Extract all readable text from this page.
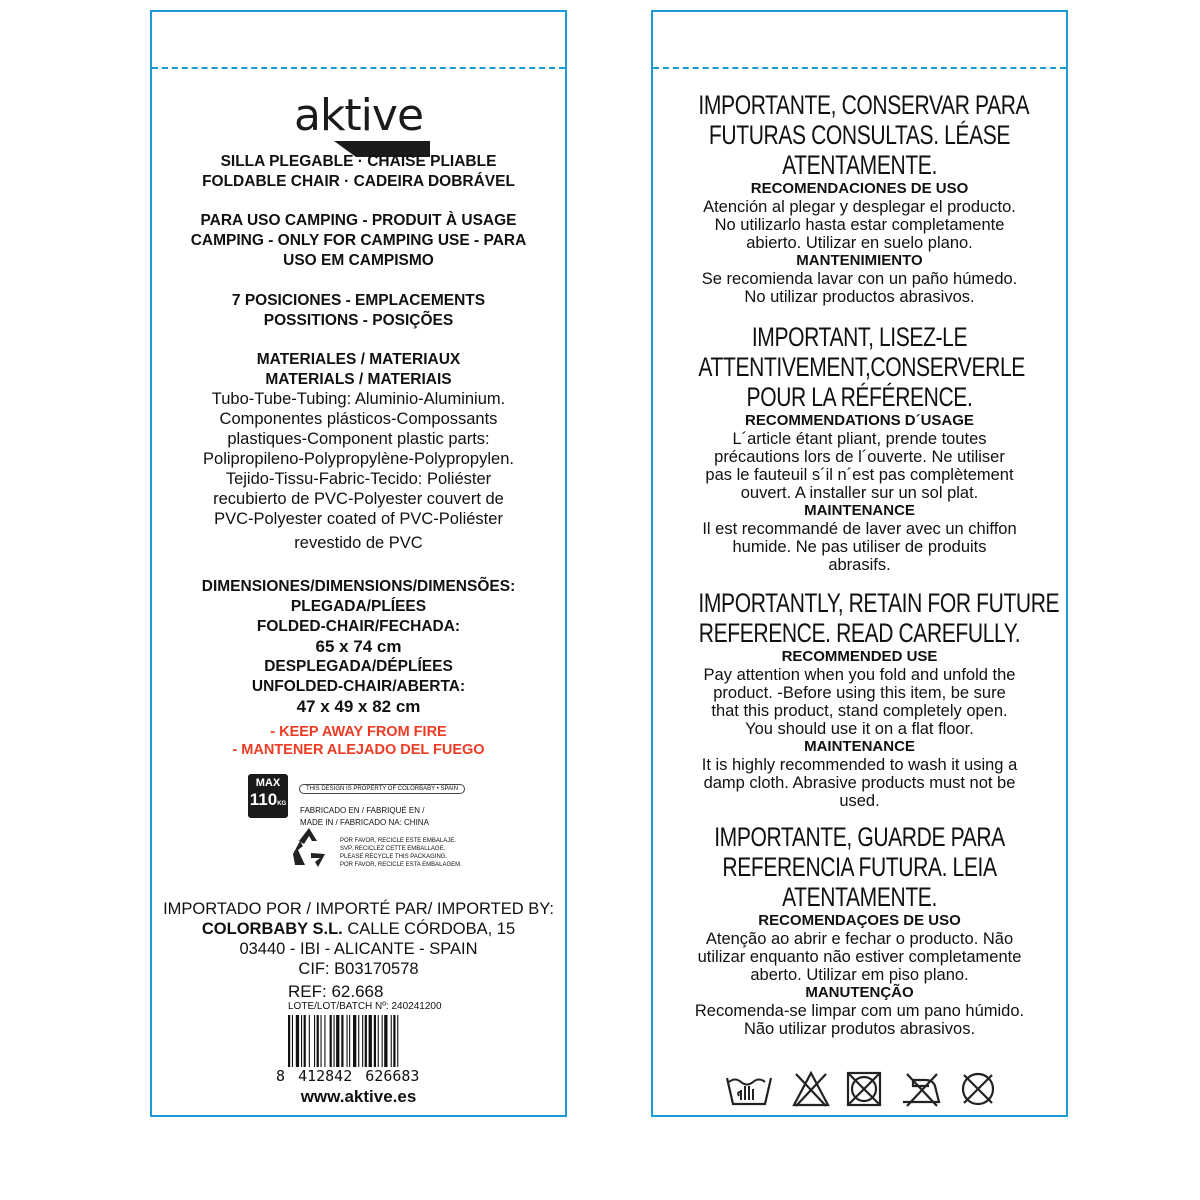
aktive
SILLA PLEGABLE · CHAISE PLIABLE
FOLDABLE CHAIR · CADEIRA DOBRÁVEL
PARA USO CAMPING - PRODUIT À USAGE
CAMPING - ONLY FOR CAMPING USE - PARA
USO EM CAMPISMO
7 POSICIONES - EMPLACEMENTS
POSSITIONS - POSIÇÕES
MATERIALES / MATERIAUX
MATERIALS / MATERIAIS
Tubo-Tube-Tubing: Aluminio-Aluminium.
Componentes plásticos-Compossants
plastiques-Component plastic parts:
Polipropileno-Polypropylène-Polypropylen.
Tejido-Tissu-Fabric-Tecido: Poliéster
recubierto de PVC-Polyester couvert de
PVC-Polyester coated of PVC-Poliéster
revestido de PVC
DIMENSIONES/DIMENSIONS/DIMENSÕES:
PLEGADA/PLÍEES
FOLDED-CHAIR/FECHADA:
65 x 74 cm
DESPLEGADA/DÉPLÍEES
UNFOLDED-CHAIR/ABERTA:
47 x 49 x 82 cm
- KEEP AWAY FROM FIRE
- MANTENER ALEJADO DEL FUEGO
MAX
110KG
THIS DESIGN IS PROPERTY OF COLORBABY • SPAIN
FABRICADO EN / FABRIQUÉ EN /
MADE IN / FABRICADO NA: CHINA
POR FAVOR, RECICLE ESTE EMBALAJE.
SVP, RECICLEZ CETTE EMBALLAGE.
PLEASE RECYCLE THIS PACKAGING.
POR FAVOR, RECICLE ESTA EMBALAGEM.
IMPORTADO POR / IMPORTÉ PAR/ IMPORTED BY:
COLORBABY S.L. CALLE CÓRDOBA, 15
03440 - IBI - ALICANTE - SPAIN
CIF: B03170578
REF: 62.668
LOTE/LOT/BATCH Nº: 240241200
8 412842 626683
www.aktive.es
IMPORTANTE, CONSERVAR PARA
FUTURAS CONSULTAS. LÉASE
ATENTAMENTE.
RECOMENDACIONES DE USO
Atención al plegar y desplegar el producto.
No utilizarlo hasta estar completamente
abierto. Utilizar en suelo plano.
MANTENIMIENTO
Se recomienda lavar con un paño húmedo.
No utilizar productos abrasivos.
IMPORTANT, LISEZ-LE
ATTENTIVEMENT,CONSERVERLE
POUR LA RÉFÉRENCE.
RECOMMENDATIONS D´USAGE
L´article étant pliant, prende toutes
précautions lors de l´ouverte. Ne utiliser
pas le fauteuil s´il n´est pas complètement
ouvert. A installer sur un sol plat.
MAINTENANCE
Il est recommandé de laver avec un chiffon
humide. Ne pas utiliser de produits
abrasifs.
IMPORTANTLY, RETAIN FOR FUTURE
REFERENCE. READ CAREFULLY.
RECOMMENDED USE
Pay attention when you fold and unfold the
product. -Before using this item, be sure
that this product, stand completely open.
You should use it on a flat floor.
MAINTENANCE
It is highly recommended to wash it using a
damp cloth. Abrasive products must not be
used.
IMPORTANTE, GUARDE PARA
REFERENCIA FUTURA. LEIA
ATENTAMENTE.
RECOMENDAÇOES DE USO
Atenção ao abrir e fechar o producto. Não
utilizar enquanto não estiver completamente
aberto. Utilizar em piso plano.
MANUTENÇÃO
Recomenda-se limpar com um pano húmido.
Não utilizar produtos abrasivos.
